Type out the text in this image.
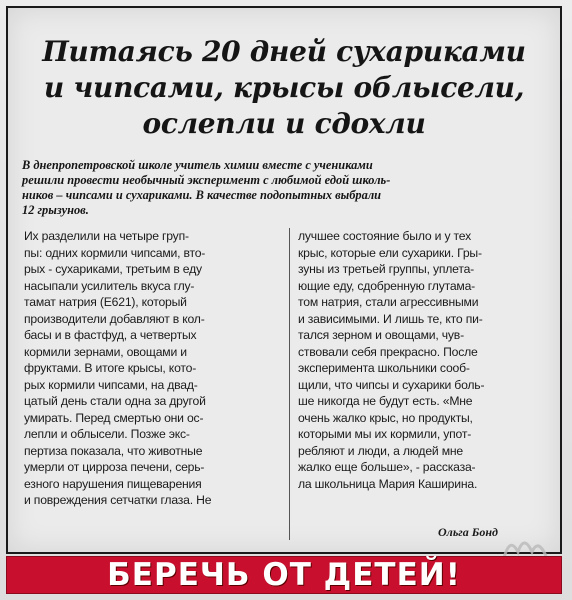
Питаясь 20 дней сухариками
и чипсами, крысы облысели,
ослепли и сдохли
В днепропетровской школе учитель химии вместе с учениками
решили провести необычный эксперимент с любимой едой школь-
ников – чипсами и сухариками. В качестве подопытных выбрали
12 грызунов.
Их разделили на четыре груп-
пы: одних кормили чипсами, вто-
рых - сухариками, третьим в еду
насыпали усилитель вкуса глу-
тамат натрия (Е621), который
производители добавляют в кол-
басы и в фастфуд, а четвертых
кормили зернами, овощами и
фруктами. В итоге крысы, кото-
рых кормили чипсами, на двад-
цатый день стали одна за другой
умирать. Перед смертью они ос-
лепли и облысели. Позже экс-
пертиза показала, что животные
умерли от цирроза печени, серь-
езного нарушения пищеварения
и повреждения сетчатки глаза. Не
лучшее состояние было и у тех
крыс, которые ели сухарики. Гры-
зуны из третьей группы, уплета-
ющие еду, сдобренную глутама-
том натрия, стали агрессивными
и зависимыми. И лишь те, кто пи-
тался зерном и овощами, чув-
ствовали себя прекрасно. После
эксперимента школьники сооб-
щили, что чипсы и сухарики боль-
ше никогда не будут есть. «Мне
очень жалко крыс, но продукты,
которыми мы их кормили, упот-
ребляют и люди, а людей мне
жалко еще больше», - рассказа-
ла школьница Мария Каширина.
Ольга Бонд
БЕРЕЧЬ ОТ ДЕТЕЙ!
